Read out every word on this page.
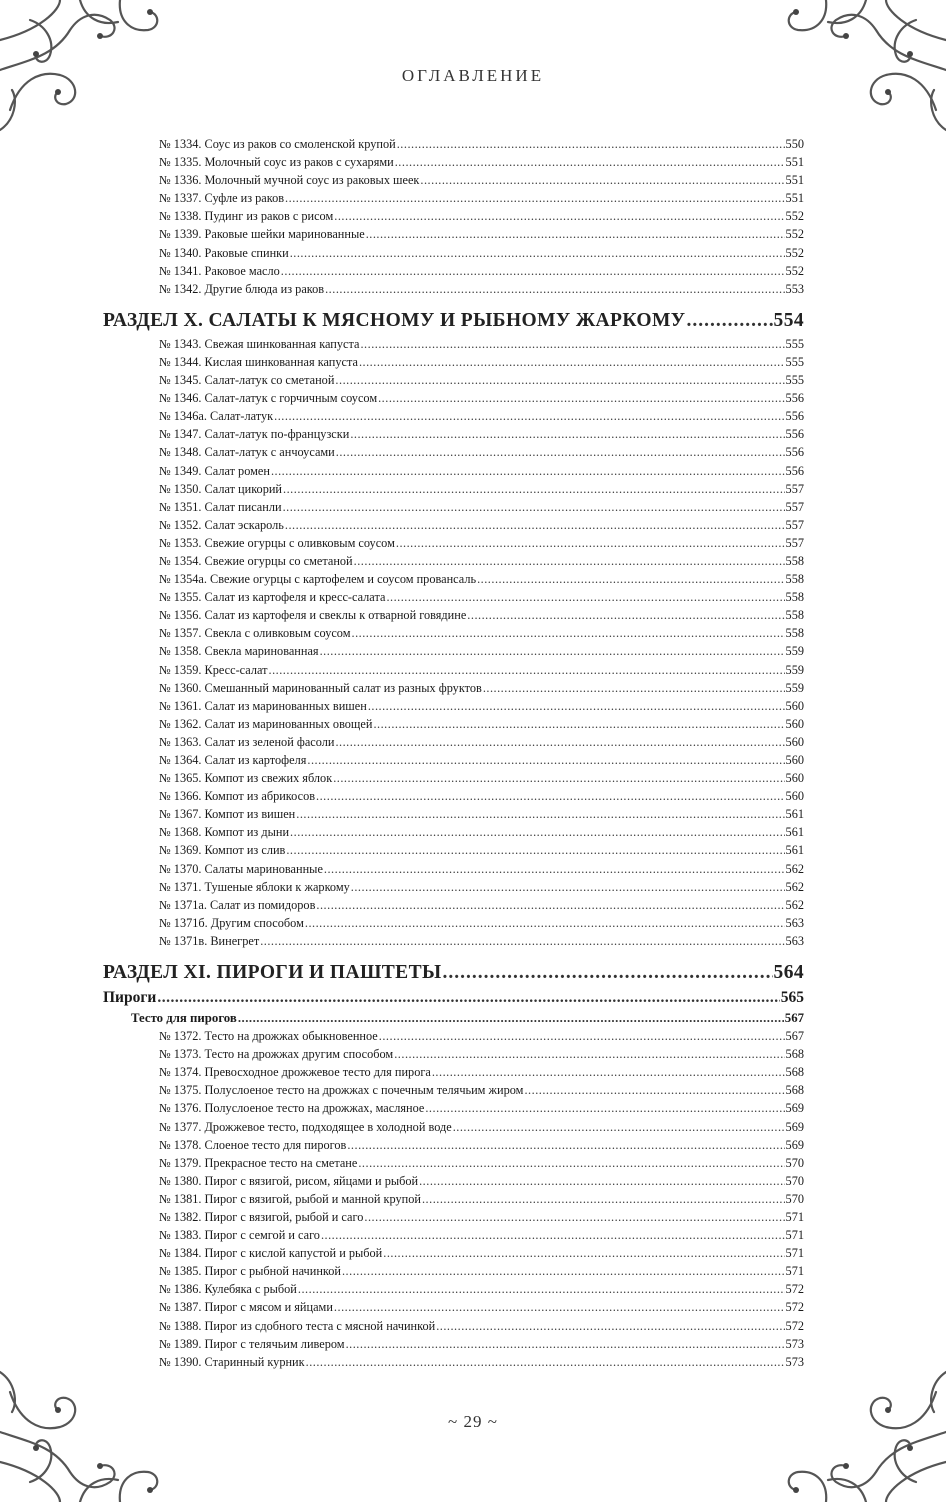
ОГЛАВЛЕНИЕ
№ 1334. Соус из раков со смоленской крупой .....	550
№ 1335. Молочный соус из раков с сухарями .....	551
№ 1336. Молочный мучной соус из раковых шеек .....	551
№ 1337. Суфле из раков .....	551
№ 1338. Пудинг из раков с рисом .....	552
№ 1339. Раковые шейки маринованные .....	552
№ 1340. Раковые спинки .....	552
№ 1341. Раковое масло .....	552
№ 1342. Другие блюда из раков .....	553
РАЗДЕЛ X. САЛАТЫ К МЯСНОМУ И РЫБНОМУ ЖАРКОМУ .....	554
№ 1343. Свежая шинкованная капуста .....	555
№ 1344. Кислая шинкованная капуста .....	555
№ 1345. Салат-латук со сметаной .....	555
№ 1346. Салат-латук с горчичным соусом .....	556
№ 1346а. Салат-латук .....	556
№ 1347. Салат-латук по-французски .....	556
№ 1348. Салат-латук с анчоусами .....	556
№ 1349. Салат ромен .....	556
№ 1350. Салат цикорий .....	557
№ 1351. Салат писанли .....	557
№ 1352. Салат эскароль .....	557
№ 1353. Свежие огурцы с оливковым соусом .....	557
№ 1354. Свежие огурцы со сметаной .....	558
№ 1354а. Свежие огурцы с картофелем и соусом провансаль .....	558
№ 1355. Салат из картофеля и кресс-салата .....	558
№ 1356. Салат из картофеля и свеклы к отварной говядине .....	558
№ 1357. Свекла с оливковым соусом .....	558
№ 1358. Свекла маринованная .....	559
№ 1359. Кресс-салат .....	559
№ 1360. Смешанный маринованный салат из разных фруктов .....	559
№ 1361. Салат из маринованных вишен .....	560
№ 1362. Салат из маринованных овощей .....	560
№ 1363. Салат из зеленой фасоли .....	560
№ 1364. Салат из картофеля .....	560
№ 1365. Компот из свежих яблок .....	560
№ 1366. Компот из абрикосов .....	560
№ 1367. Компот из вишен .....	561
№ 1368. Компот из дыни .....	561
№ 1369. Компот из слив .....	561
№ 1370. Салаты маринованные .....	562
№ 1371. Тушеные яблоки к жаркому .....	562
№ 1371а. Салат из помидоров .....	562
№ 1371б. Другим способом .....	563
№ 1371в. Винегрет .....	563
РАЗДЕЛ XI. ПИРОГИ И ПАШТЕТЫ .....	564
Пироги .....	565
Тесто для пирогов .....	567
№ 1372. Тесто на дрожжах обыкновенное .....	567
№ 1373. Тесто на дрожжах другим способом .....	568
№ 1374. Превосходное дрожжевое тесто для пирога .....	568
№ 1375. Полуслоеное тесто на дрожжах с почечным телячьим жиром .....	568
№ 1376. Полуслоеное тесто на дрожжах, масляное .....	569
№ 1377. Дрожжевое тесто, подходящее в холодной воде .....	569
№ 1378. Слоеное тесто для пирогов .....	569
№ 1379. Прекрасное тесто на сметане .....	570
№ 1380. Пирог с вязигой, рисом, яйцами и рыбой .....	570
№ 1381. Пирог с вязигой, рыбой и манной крупой .....	570
№ 1382. Пирог с вязигой, рыбой и саго .....	571
№ 1383. Пирог с семгой и саго .....	571
№ 1384. Пирог с кислой капустой и рыбой .....	571
№ 1385. Пирог с рыбной начинкой .....	571
№ 1386. Кулебяка с рыбой .....	572
№ 1387. Пирог с мясом и яйцами .....	572
№ 1388. Пирог из сдобного теста с мясной начинкой .....	572
№ 1389. Пирог с телячьим ливером .....	573
№ 1390. Старинный курник .....	573
~ 29 ~
